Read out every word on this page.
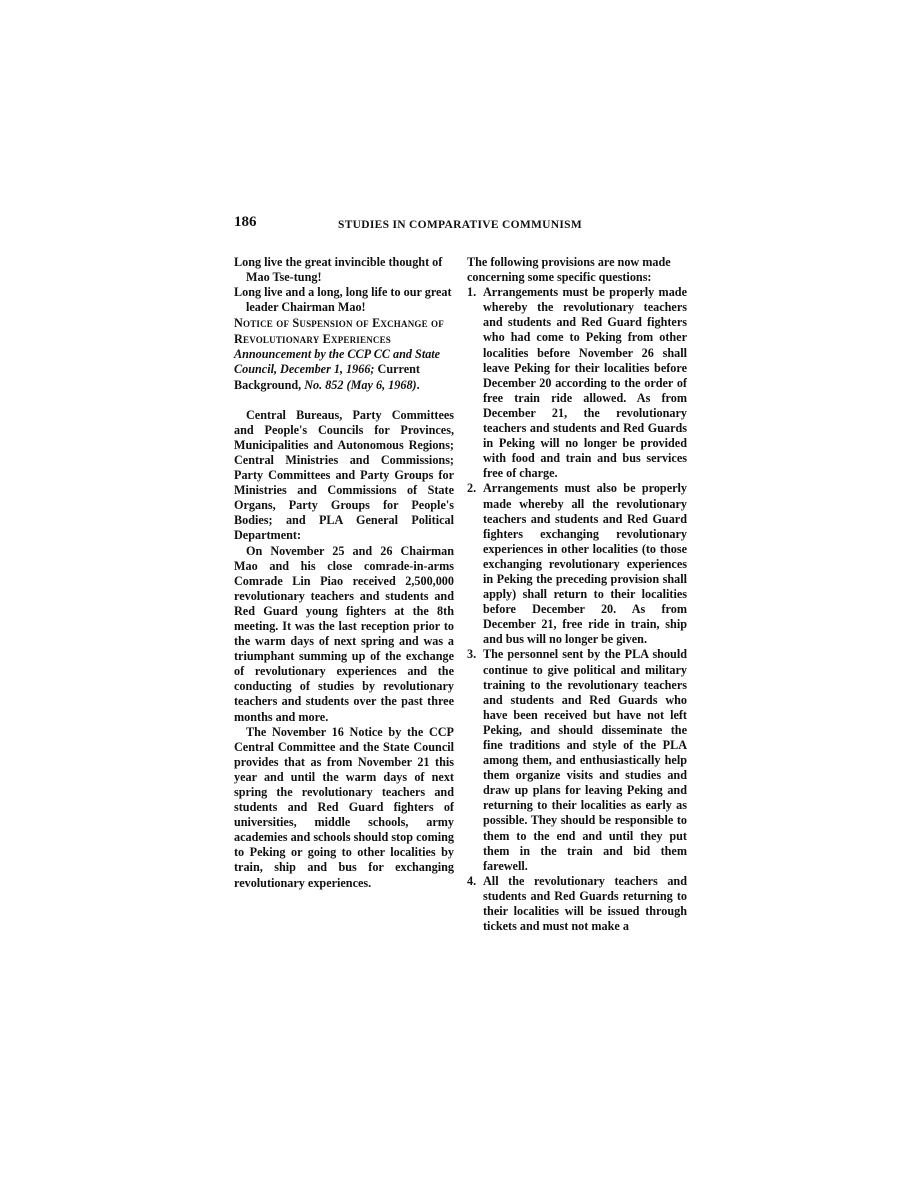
186	STUDIES IN COMPARATIVE COMMUNISM

Long live the great invincible thought of Mao Tse-tung!

Long live and a long, long life to our great leader Chairman Mao!

Notice of Suspension of Exchange of Revolutionary Experiences

Announcement by the CCP CC and State Council, December 1, 1966; Current Background, No. 852 (May 6, 1968).

Central Bureaus, Party Committees and People's Councils for Provinces, Municipalities and Autonomous Regions; Central Ministries and Commissions; Party Committees and Party Groups for Ministries and Commissions of State Organs, Party Groups for People's Bodies; and PLA General Political Department:

On November 25 and 26 Chairman Mao and his close comrade-in-arms Comrade Lin Piao received 2,500,000 revolutionary teachers and students and Red Guard young fighters at the 8th meeting. It was the last reception prior to the warm days of next spring and was a triumphant summing up of the exchange of revolutionary experiences and the conducting of studies by revolutionary teachers and students over the past three months and more.

The November 16 Notice by the CCP Central Committee and the State Council provides that as from November 21 this year and until the warm days of next spring the revolutionary teachers and students and Red Guard fighters of universities, middle schools, army academies and schools should stop coming to Peking or going to other localities by train, ship and bus for exchanging revolutionary experiences.

The following provisions are now made concerning some specific questions:

1. Arrangements must be properly made whereby the revolutionary teachers and students and Red Guard fighters who had come to Peking from other localities before November 26 shall leave Peking for their localities before December 20 according to the order of free train ride allowed. As from December 21, the revolutionary teachers and students and Red Guards in Peking will no longer be provided with food and train and bus services free of charge.
2. Arrangements must also be properly made whereby all the revolutionary teachers and students and Red Guard fighters exchanging revolutionary experiences in other localities (to those exchanging revolutionary experiences in Peking the preceding provision shall apply) shall return to their localities before December 20. As from December 21, free ride in train, ship and bus will no longer be given.
3. The personnel sent by the PLA should continue to give political and military training to the revolutionary teachers and students and Red Guards who have been received but have not left Peking, and should disseminate the fine traditions and style of the PLA among them, and enthusiastically help them organize visits and studies and draw up plans for leaving Peking and returning to their localities as early as possible. They should be responsible to them to the end and until they put them in the train and bid them farewell.
4. All the revolutionary teachers and students and Red Guards returning to their localities will be issued through tickets and must not make a
